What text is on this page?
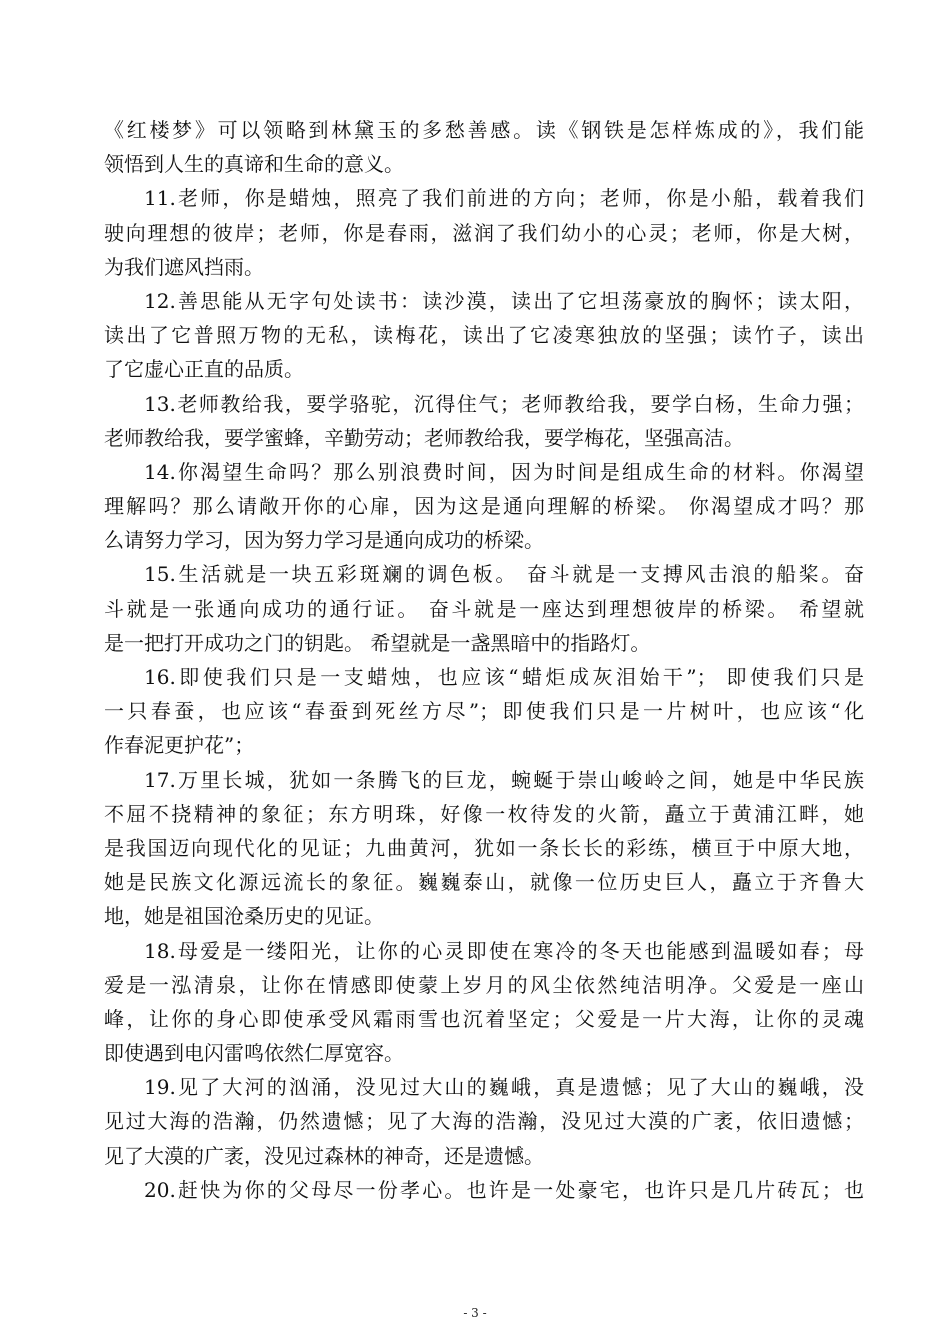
《红楼梦》可以领略到林黛玉的多愁善感。读《钢铁是怎样炼成的》，我们能
领悟到人生的真谛和生命的意义。
11.老师，你是蜡烛，照亮了我们前进的方向；老师，你是小船，载着我们
驶向理想的彼岸；老师，你是春雨，滋润了我们幼小的心灵；老师，你是大树，
为我们遮风挡雨。
12.善思能从无字句处读书：读沙漠，读出了它坦荡豪放的胸怀；读太阳，
读出了它普照万物的无私，读梅花，读出了它凌寒独放的坚强；读竹子，读出
了它虚心正直的品质。
13.老师教给我，要学骆驼，沉得住气；老师教给我，要学白杨，生命力强；
老师教给我，要学蜜蜂，辛勤劳动；老师教给我，要学梅花，坚强高洁。
14.你渴望生命吗？那么别浪费时间，因为时间是组成生命的材料。你渴望
理解吗？那么请敞开你的心扉，因为这是通向理解的桥梁。 你渴望成才吗？那
么请努力学习，因为努力学习是通向成功的桥梁。
15.生活就是一块五彩斑斓的调色板。 奋斗就是一支搏风击浪的船桨。奋
斗就是一张通向成功的通行证。 奋斗就是一座达到理想彼岸的桥梁。 希望就
是一把打开成功之门的钥匙。 希望就是一盏黑暗中的指路灯。
16.即使我们只是一支蜡烛，也应该“蜡炬成灰泪始干”； 即使我们只是
一只春蚕，也应该“春蚕到死丝方尽”；即使我们只是一片树叶，也应该“化
作春泥更护花”；
17.万里长城，犹如一条腾飞的巨龙，蜿蜒于崇山峻岭之间，她是中华民族
不屈不挠精神的象征；东方明珠，好像一枚待发的火箭，矗立于黄浦江畔，她
是我国迈向现代化的见证；九曲黄河，犹如一条长长的彩练，横亘于中原大地，
她是民族文化源远流长的象征。巍巍泰山，就像一位历史巨人，矗立于齐鲁大
地，她是祖国沧桑历史的见证。
18.母爱是一缕阳光，让你的心灵即使在寒冷的冬天也能感到温暖如春；母
爱是一泓清泉，让你在情感即使蒙上岁月的风尘依然纯洁明净。父爱是一座山
峰，让你的身心即使承受风霜雨雪也沉着坚定；父爱是一片大海，让你的灵魂
即使遇到电闪雷鸣依然仁厚宽容。
19.见了大河的汹涌，没见过大山的巍峨，真是遗憾；见了大山的巍峨，没
见过大海的浩瀚，仍然遗憾；见了大海的浩瀚，没见过大漠的广袤，依旧遗憾；
见了大漠的广袤，没见过森林的神奇，还是遗憾。
20.赶快为你的父母尽一份孝心。也许是一处豪宅，也许只是几片砖瓦；也
- 3 -
